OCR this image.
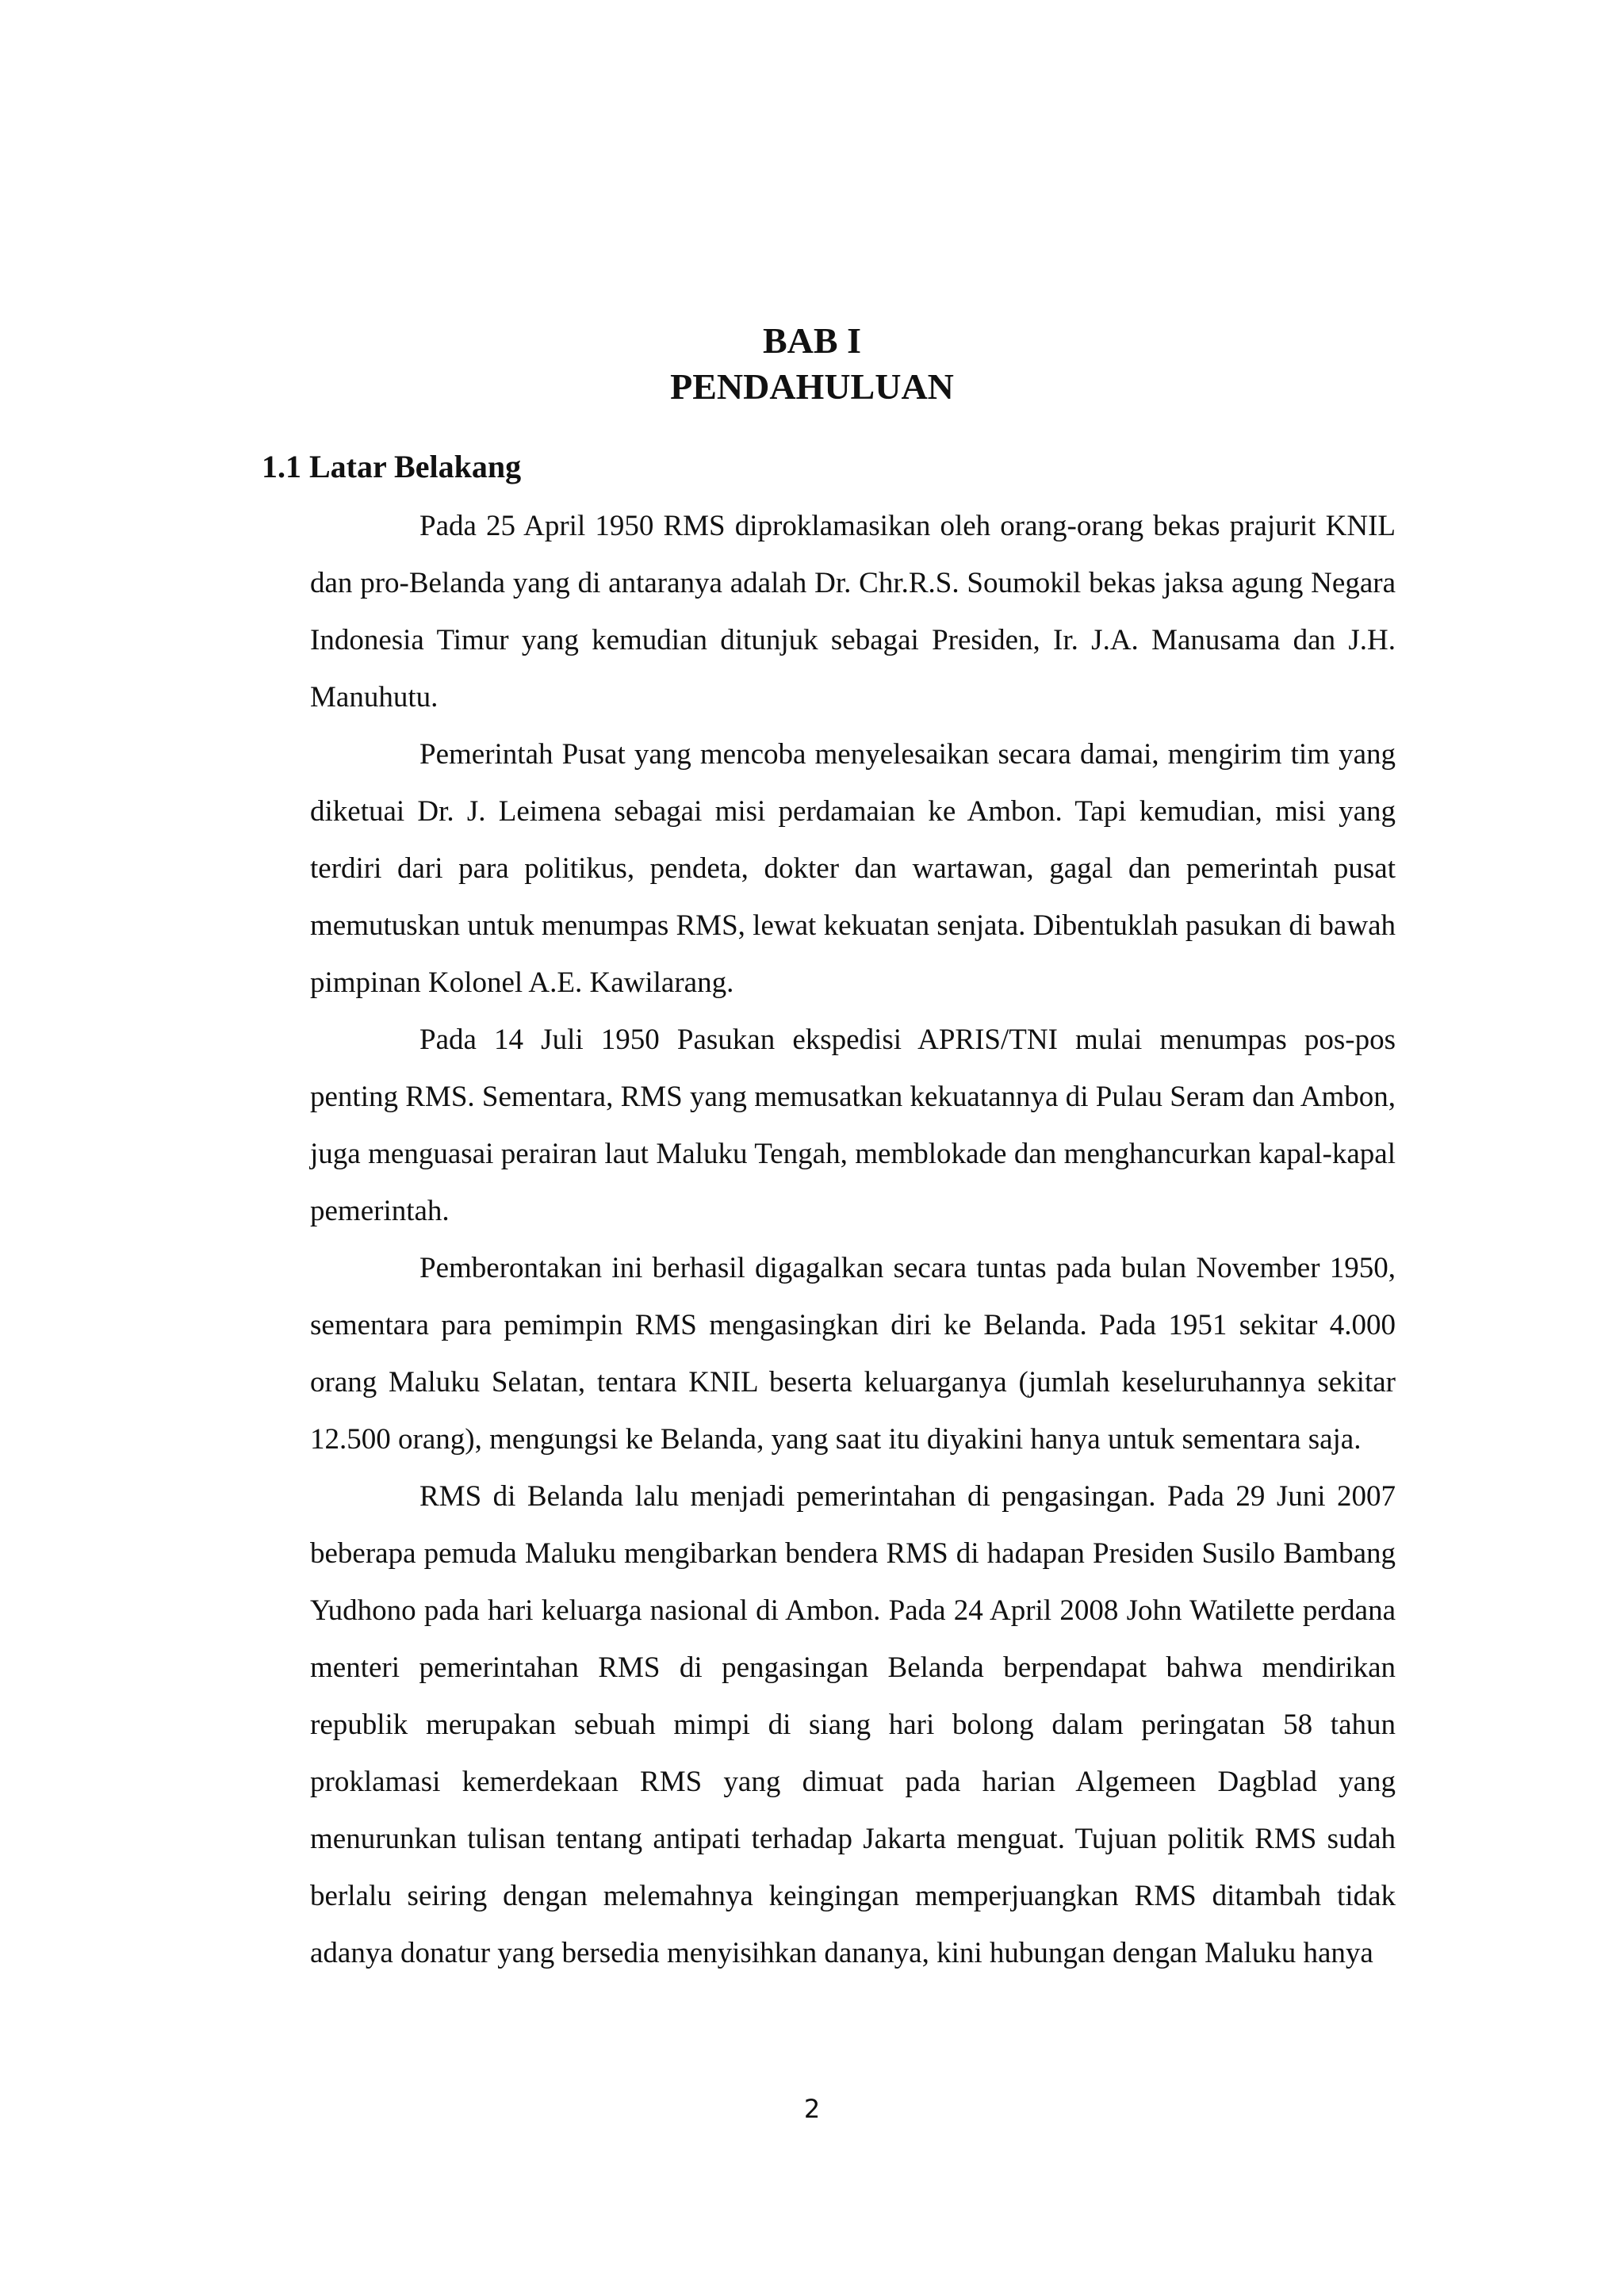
BAB I
PENDAHULUAN
1.1 Latar Belakang

Pada 25 April 1950 RMS diproklamasikan oleh orang-orang bekas prajurit KNIL dan pro-Belanda yang di antaranya adalah Dr. Chr.R.S. Soumokil bekas jaksa agung Negara Indonesia Timur yang kemudian ditunjuk sebagai Presiden, Ir. J.A. Manusama dan J.H. Manuhutu.

Pemerintah Pusat yang mencoba menyelesaikan secara damai, mengirim tim yang diketuai Dr. J. Leimena sebagai misi perdamaian ke Ambon. Tapi kemudian, misi yang terdiri dari para politikus, pendeta, dokter dan wartawan, gagal dan pemerintah pusat memutuskan untuk menumpas RMS, lewat kekuatan senjata. Dibentuklah pasukan di bawah pimpinan Kolonel A.E. Kawilarang.

Pada 14 Juli 1950 Pasukan ekspedisi APRIS/TNI mulai menumpas pos-pos penting RMS. Sementara, RMS yang memusatkan kekuatannya di Pulau Seram dan Ambon, juga menguasai perairan laut Maluku Tengah, memblokade dan menghancurkan kapal-kapal pemerintah.

Pemberontakan ini berhasil digagalkan secara tuntas pada bulan November 1950, sementara para pemimpin RMS mengasingkan diri ke Belanda. Pada 1951 sekitar 4.000 orang Maluku Selatan, tentara KNIL beserta keluarganya (jumlah keseluruhannya sekitar 12.500 orang), mengungsi ke Belanda, yang saat itu diyakini hanya untuk sementara saja.

RMS di Belanda lalu menjadi pemerintahan di pengasingan. Pada 29 Juni 2007 beberapa pemuda Maluku mengibarkan bendera RMS di hadapan Presiden Susilo Bambang Yudhono pada hari keluarga nasional di Ambon. Pada 24 April 2008 John Watilette perdana menteri pemerintahan RMS di pengasingan Belanda berpendapat bahwa mendirikan republik merupakan sebuah mimpi di siang hari bolong dalam peringatan 58 tahun proklamasi kemerdekaan RMS yang dimuat pada harian Algemeen Dagblad yang menurunkan tulisan tentang antipati terhadap Jakarta menguat. Tujuan politik RMS sudah berlalu seiring dengan melemahnya keingingan memperjuangkan RMS ditambah tidak adanya donatur yang bersedia menyisihkan dananya, kini hubungan dengan Maluku hanya

2
